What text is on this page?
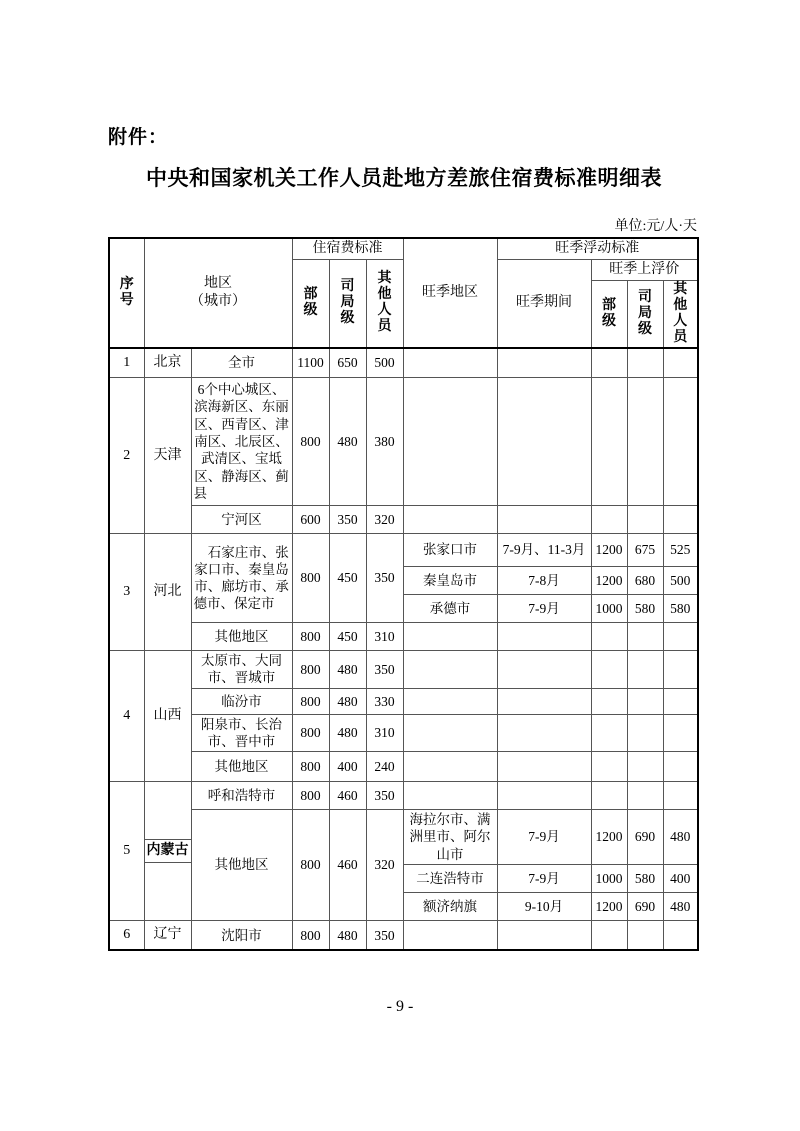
附件：
中央和国家机关工作人员赴地方差旅住宿费标准明细表
单位:元/人·天
序号	地区
（城市）		住宿费标准			旺季地区	旺季浮动标准			

			部级	司局级	其他人员		旺季期间	旺季上浮价		

								部级	司局级	其他人员

1	北京	全市	1100	650	500					
2	天津	6个中心城区、滨海新区、东丽区、西青区、津南区、北辰区、武清区、宝坻区、静海区、蓟县	800	480	380					
		宁河区	600	350	320					
3	河北	石家庄市、张家口市、秦皇岛市、廊坊市、承德市、保定市	800	450	350	张家口市	7-9月、11-3月	1200	675	525
						秦皇岛市	7-8月	1200	680	500
						承德市	7-9月	1000	580	580
		其他地区	800	450	310					
4	山西	太原市、大同市、晋城市	800	480	350					
		临汾市	800	480	330					
		阳泉市、长治市、晋中市	800	480	310					
		其他地区	800	400	240					
5	内蒙古	呼和浩特市	800	460	350					
		其他地区	800	460	320	海拉尔市、满洲里市、阿尔山市	7-9月	1200	690	480
						二连浩特市	7-9月	1000	580	400
						额济纳旗	9-10月	1200	690	480
6	辽宁	沈阳市	800	480	350					
- 9 -
